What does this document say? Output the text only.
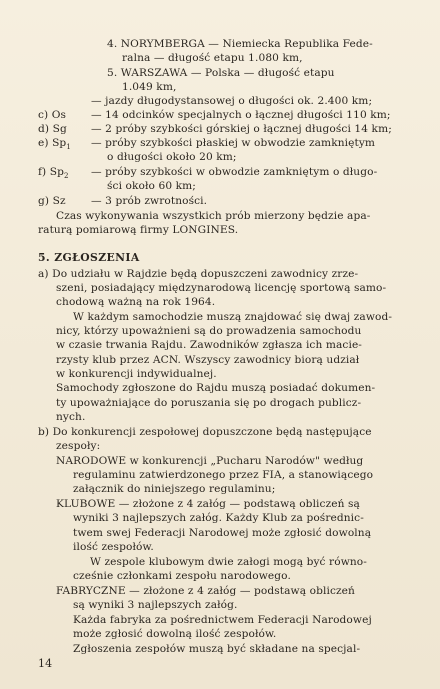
4. NORYMBERGA — Niemiecka Republika Fede-
ralna — długość etapu 1.080 km,
5. WARSZAWA — Polska — długość etapu
1.049 km,
— jazdy długodystansowej o długości ok. 2.400 km;
c) Os — 14 odcinków specjalnych o łącznej długości 110 km;
d) Sg — 2 próby szybkości górskiej o łącznej długości 14 km;
e) $Sp_1$ — próby szybkości płaskiej w obwodzie zamkniętym
o długości około 20 km;
f) $Sp_2$ — próby szybkości w obwodzie zamkniętym o długo-
ści około 60 km;
g) Sz — 3 prób zwrotności.
Czas wykonywania wszystkich prób mierzony będzie apa-
raturą pomiarową firmy LONGINES.
5. ZGŁOSZENIA
a) Do udziału w Rajdzie będą dopuszczeni zawodnicy zrze-
szeni, posiadający międzynarodową licencję sportową samo-
chodową ważną na rok 1964.
W każdym samochodzie muszą znajdować się dwaj zawod-
nicy, którzy upoważnieni są do prowadzenia samochodu
w czasie trwania Rajdu. Zawodników zgłasza ich macie-
rzysty klub przez ACN. Wszyscy zawodnicy biorą udział
w konkurencji indywidualnej.
Samochody zgłoszone do Rajdu muszą posiadać dokumen-
ty upoważniające do poruszania się po drogach publicz-
nych.
b) Do konkurencji zespołowej dopuszczone będą następujące
zespoły:
NARODOWE w konkurencji „Pucharu Narodów" według
regulaminu zatwierdzonego przez FIA, a stanowiącego
załącznik do niniejszego regulaminu;
KLUBOWE — złożone z 4 załóg — podstawą obliczeń są
wyniki 3 najlepszych załóg. Każdy Klub za pośrednic-
twem swej Federacji Narodowej może zgłosić dowolną
ilość zespołów.
W zespole klubowym dwie załogi mogą być równo-
cześnie członkami zespołu narodowego.
FABRYCZNE — złożone z 4 załóg — podstawą obliczeń
są wyniki 3 najlepszych załóg.
Każda fabryka za pośrednictwem Federacji Narodowej
może zgłosić dowolną ilość zespołów.
Zgłoszenia zespołów muszą być składane na specjal-
14
